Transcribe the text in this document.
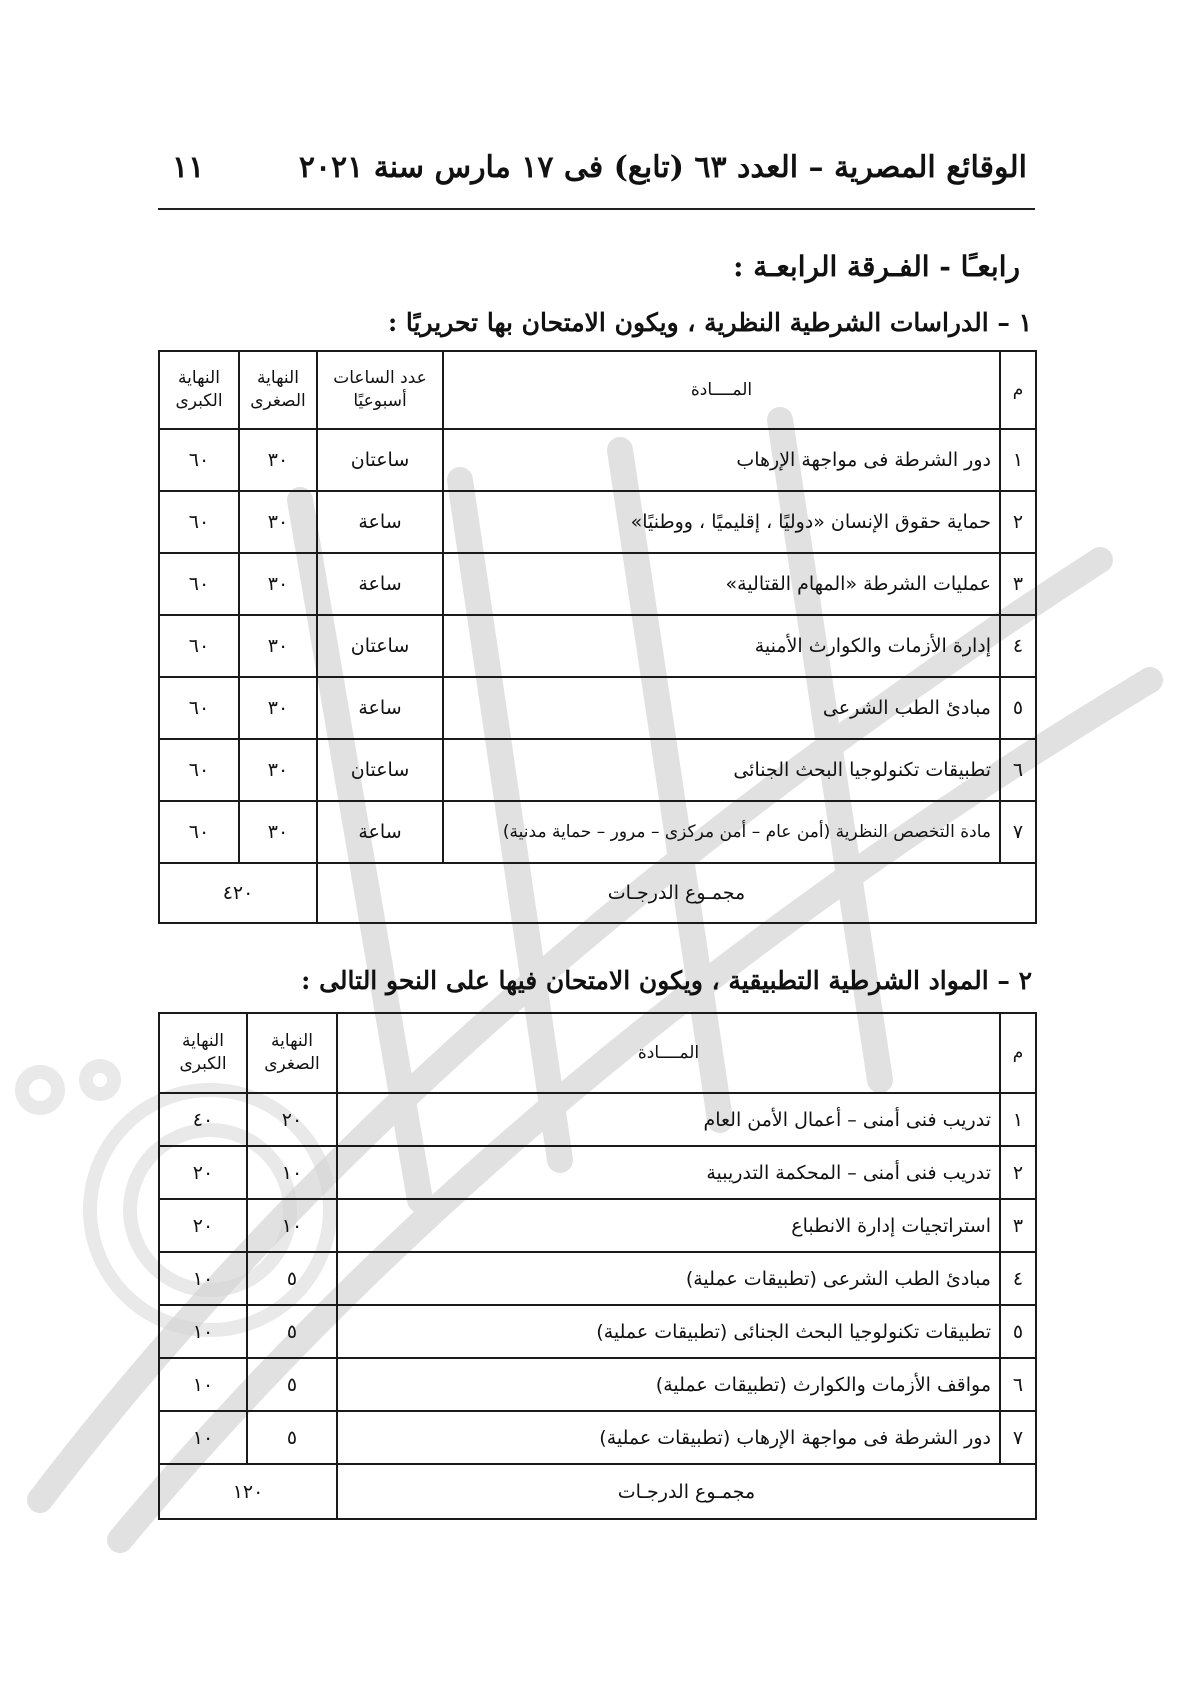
الوقائع المصرية – العدد ٦٣ (تابع) فى ١٧ مارس سنة ٢٠٢١
١١
رابعـًا - الفـرقة الرابعـة :
١ – الدراسات الشرطية النظرية ، ويكون الامتحان بها تحريريًا :
م	المــــادة	عدد الساعات أسبوعيًا	النهاية الصغرى	النهاية الكبرى
١	دور الشرطة فى مواجهة الإرهاب	ساعتان	٣٠	٦٠
٢	حماية حقوق الإنسان «دوليًا ، إقليميًا ، ووطنيًا»	ساعة	٣٠	٦٠
٣	عمليات الشرطة «المهام القتالية»	ساعة	٣٠	٦٠
٤	إدارة الأزمات والكوارث الأمنية	ساعتان	٣٠	٦٠
٥	مبادئ الطب الشرعى	ساعة	٣٠	٦٠
٦	تطبيقات تكنولوجيا البحث الجنائى	ساعتان	٣٠	٦٠
٧	مادة التخصص النظرية (أمن عام – أمن مركزى – مرور – حماية مدنية)	ساعة	٣٠	٦٠
مجمـوع الدرجـات			٤٢٠	
٢ – المواد الشرطية التطبيقية ، ويكون الامتحان فيها على النحو التالى :
م	المــــادة	النهاية الصغرى	النهاية الكبرى
١	تدريب فنى أمنى – أعمال الأمن العام	٢٠	٤٠
٢	تدريب فنى أمنى – المحكمة التدريبية	١٠	٢٠
٣	استراتجيات إدارة الانطباع	١٠	٢٠
٤	مبادئ الطب الشرعى (تطبيقات عملية)	٥	١٠
٥	تطبيقات تكنولوجيا البحث الجنائى (تطبيقات عملية)	٥	١٠
٦	مواقف الأزمات والكوارث (تطبيقات عملية)	٥	١٠
٧	دور الشرطة فى مواجهة الإرهاب (تطبيقات عملية)	٥	١٠
مجمـوع الدرجـات		١٢٠	
